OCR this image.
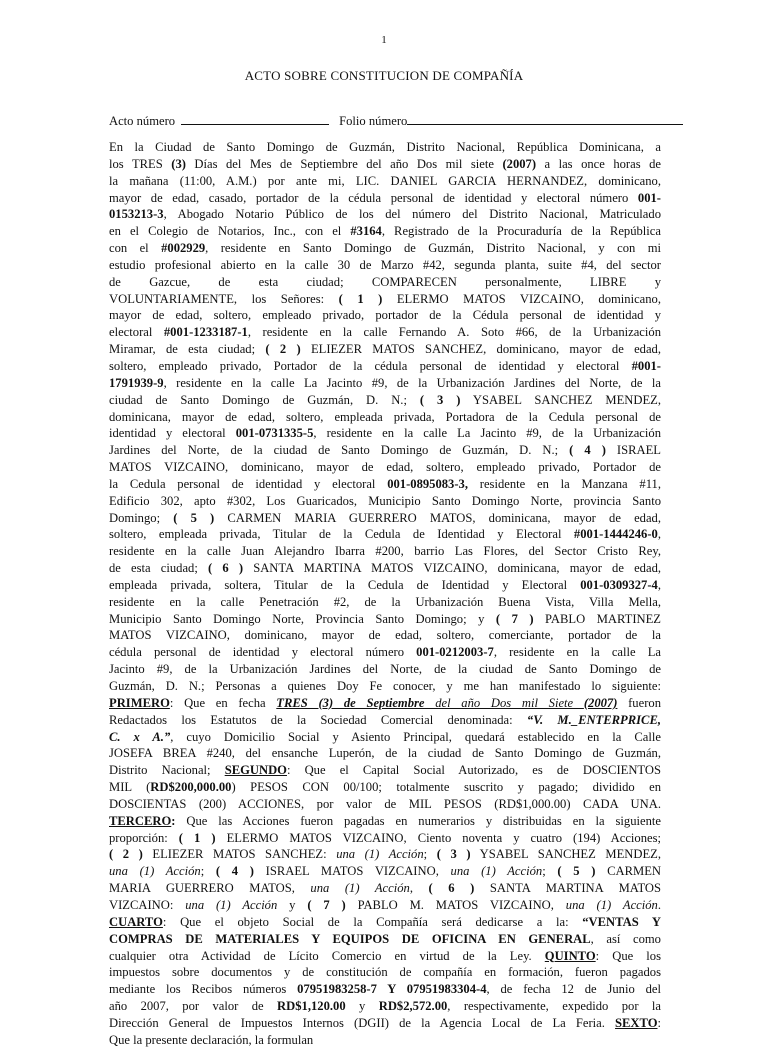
1
ACTO SOBRE CONSTITUCION DE COMPAÑÍA
Acto número	Folio número
En la Ciudad de Santo Domingo de Guzmán, Distrito Nacional, República Dominicana, a
los TRES (3) Días del Mes de Septiembre del año Dos mil siete (2007) a las once horas de
la mañana (11:00, A.M.) por ante mi, LIC. DANIEL GARCIA HERNANDEZ, dominicano,
mayor de edad, casado, portador de la cédula personal de identidad y electoral número 001-
0153213-3, Abogado Notario Público de los del número del Distrito Nacional, Matriculado
en el Colegio de Notarios, Inc., con el #3164, Registrado de la Procuraduría de la República
con el #002929, residente en Santo Domingo de Guzmán, Distrito Nacional, y con mi
estudio profesional abierto en la calle 30 de Marzo #42, segunda planta, suite #4, del sector
de Gazcue, de esta ciudad; COMPARECEN personalmente, LIBRE y
VOLUNTARIAMENTE, los Señores: ( 1 ) ELERMO MATOS VIZCAINO, dominicano,
mayor de edad, soltero, empleado privado, portador de la Cédula personal de identidad y
electoral #001-1233187-1, residente en la calle Fernando A. Soto #66, de la Urbanización
Miramar, de esta ciudad; ( 2 ) ELIEZER MATOS SANCHEZ, dominicano, mayor de edad,
soltero, empleado privado, Portador de la cédula personal de identidad y electoral #001-
1791939-9, residente en la calle La Jacinto #9, de la Urbanización Jardines del Norte, de la
ciudad de Santo Domingo de Guzmán, D. N.; ( 3 ) YSABEL SANCHEZ MENDEZ,
dominicana, mayor de edad, soltero, empleada privada, Portadora de la Cedula personal de
identidad y electoral 001-0731335-5, residente en la calle La Jacinto #9, de la Urbanización
Jardines del Norte, de la ciudad de Santo Domingo de Guzmán, D. N.; ( 4 ) ISRAEL
MATOS VIZCAINO, dominicano, mayor de edad, soltero, empleado privado, Portador de
la Cedula personal de identidad y electoral 001-0895083-3, residente en la Manzana #11,
Edificio 302, apto #302, Los Guaricados, Municipio Santo Domingo Norte, provincia Santo
Domingo; ( 5 ) CARMEN MARIA GUERRERO MATOS, dominicana, mayor de edad,
soltero, empleada privada, Titular de la Cedula de Identidad y Electoral #001-1444246-0,
residente en la calle Juan Alejandro Ibarra #200, barrio Las Flores, del Sector Cristo Rey,
de esta ciudad; ( 6 ) SANTA MARTINA MATOS VIZCAINO, dominicana, mayor de edad,
empleada privada, soltera, Titular de la Cedula de Identidad y Electoral 001-0309327-4,
residente en la calle Penetración #2, de la Urbanización Buena Vista, Villa Mella,
Municipio Santo Domingo Norte, Provincia Santo Domingo; y ( 7 ) PABLO MARTINEZ
MATOS VIZCAINO, dominicano, mayor de edad, soltero, comerciante, portador de la
cédula personal de identidad y electoral número 001-0212003-7, residente en la calle La
Jacinto #9, de la Urbanización Jardines del Norte, de la ciudad de Santo Domingo de
Guzmán, D. N.; Personas a quienes Doy Fe conocer, y me han manifestado lo siguiente:
PRIMERO: Que en fecha TRES (3) de Septiembre del año Dos mil Siete (2007) fueron
Redactados los Estatutos de la Sociedad Comercial denominada: “V. M._ENTERPRICE,
C. x A.”, cuyo Domicilio Social y Asiento Principal, quedará establecido en la Calle
JOSEFA BREA #240, del ensanche Luperón, de la ciudad de Santo Domingo de Guzmán,
Distrito Nacional; SEGUNDO: Que el Capital Social Autorizado, es de DOSCIENTOS
MIL (RD$200,000.00) PESOS CON 00/100; totalmente suscrito y pagado; dividido en
DOSCIENTAS (200) ACCIONES, por valor de MIL PESOS (RD$1,000.00) CADA UNA.
TERCERO: Que las Acciones fueron pagadas en numerarios y distribuidas en la siguiente
proporción: ( 1 ) ELERMO MATOS VIZCAINO, Ciento noventa y cuatro (194) Acciones;
( 2 ) ELIEZER MATOS SANCHEZ: una (1) Acción; ( 3 ) YSABEL SANCHEZ MENDEZ,
una (1) Acción; ( 4 ) ISRAEL MATOS VIZCAINO, una (1) Acción; ( 5 ) CARMEN
MARIA GUERRERO MATOS, una (1) Acción, ( 6 ) SANTA MARTINA MATOS
VIZCAINO: una (1) Acción y ( 7 ) PABLO M. MATOS VIZCAINO, una (1) Acción.
CUARTO: Que el objeto Social de la Compañía será dedicarse a la: “VENTAS Y
COMPRAS DE MATERIALES Y EQUIPOS DE OFICINA EN GENERAL, así como
cualquier otra Actividad de Lícito Comercio en virtud de la Ley. QUINTO: Que los
impuestos sobre documentos y de constitución de compañía en formación, fueron pagados
mediante los Recibos números 07951983258-7 Y 07951983304-4, de fecha 12 de Junio del
año 2007, por valor de RD$1,120.00 y RD$2,572.00, respectivamente, expedido por la
Dirección General de Impuestos Internos (DGII) de la Agencia Local de La Feria. SEXTO:
Que la presente declaración, la formulan
